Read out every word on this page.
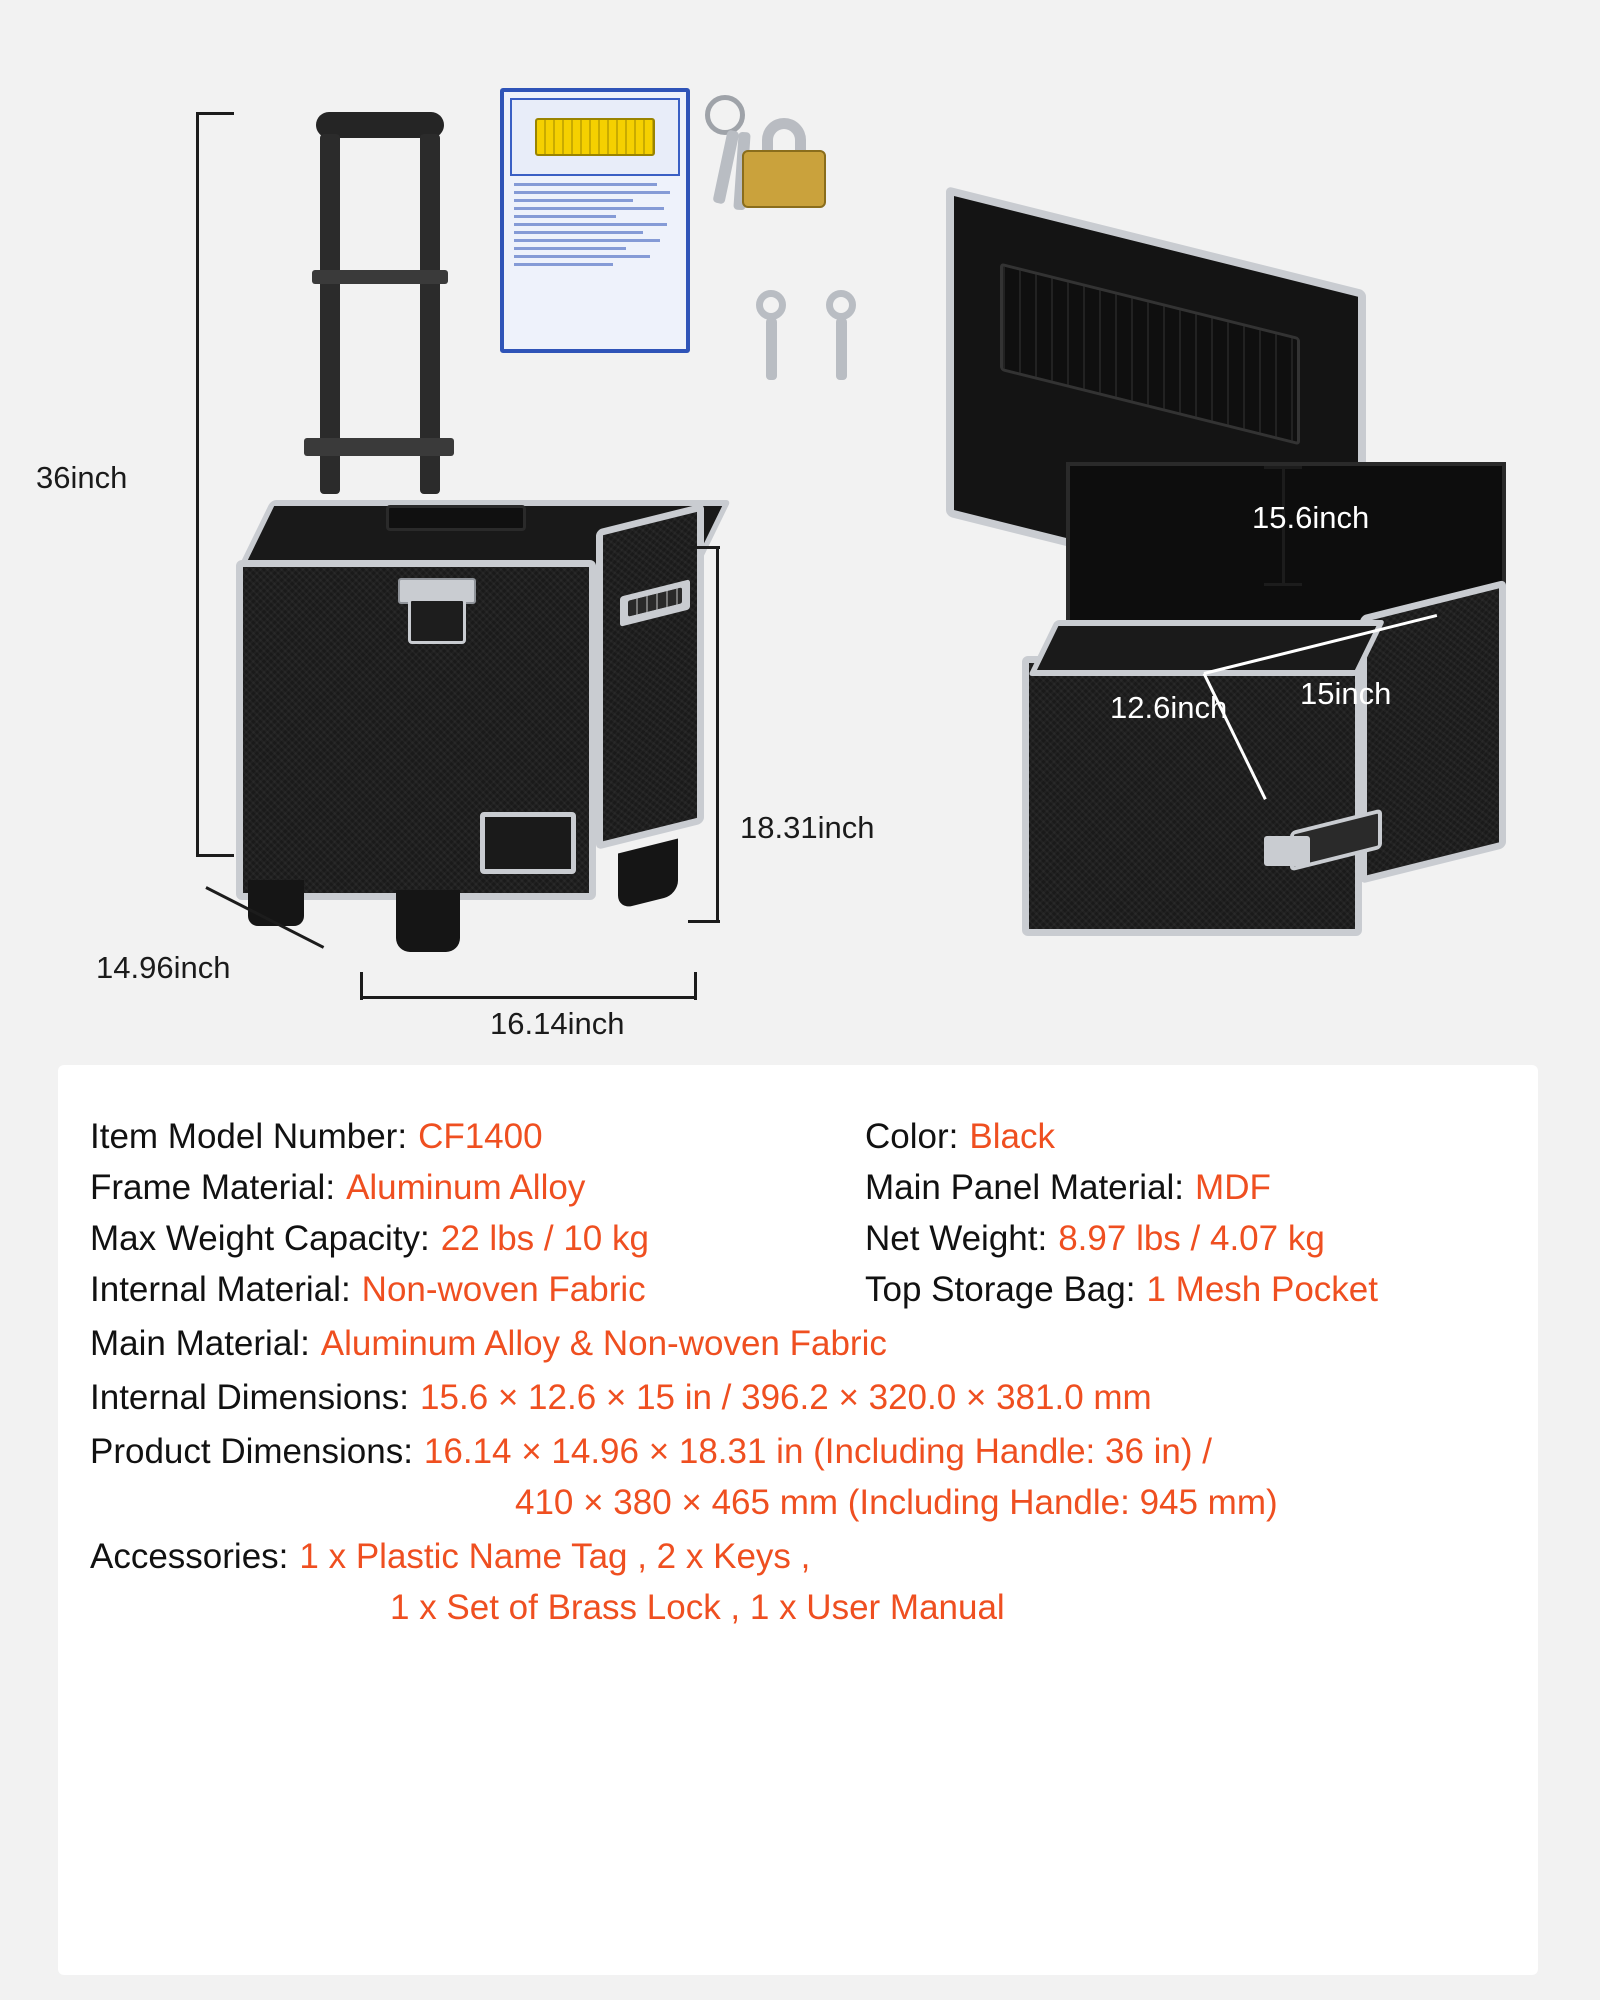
36inch
18.31inch
14.96inch
16.14inch
15.6inch
15inch
12.6inch
Item Model Number: CF1400	Color: Black
Frame Material: Aluminum Alloy	Main Panel Material: MDF
Max Weight Capacity: 22 lbs / 10 kg	Net Weight: 8.97 lbs / 4.07 kg
Internal Material: Non-woven Fabric	Top Storage Bag: 1 Mesh Pocket
Main Material: Aluminum Alloy & Non-woven Fabric
Internal Dimensions: 15.6 × 12.6 × 15 in / 396.2 × 320.0 × 381.0 mm
Product Dimensions: 16.14 × 14.96 × 18.31 in (Including Handle: 36 in) /
410 × 380 × 465 mm (Including Handle: 945 mm)
Accessories: 1 x Plastic Name Tag , 2 x Keys ,
1 x Set of Brass Lock , 1 x User Manual
